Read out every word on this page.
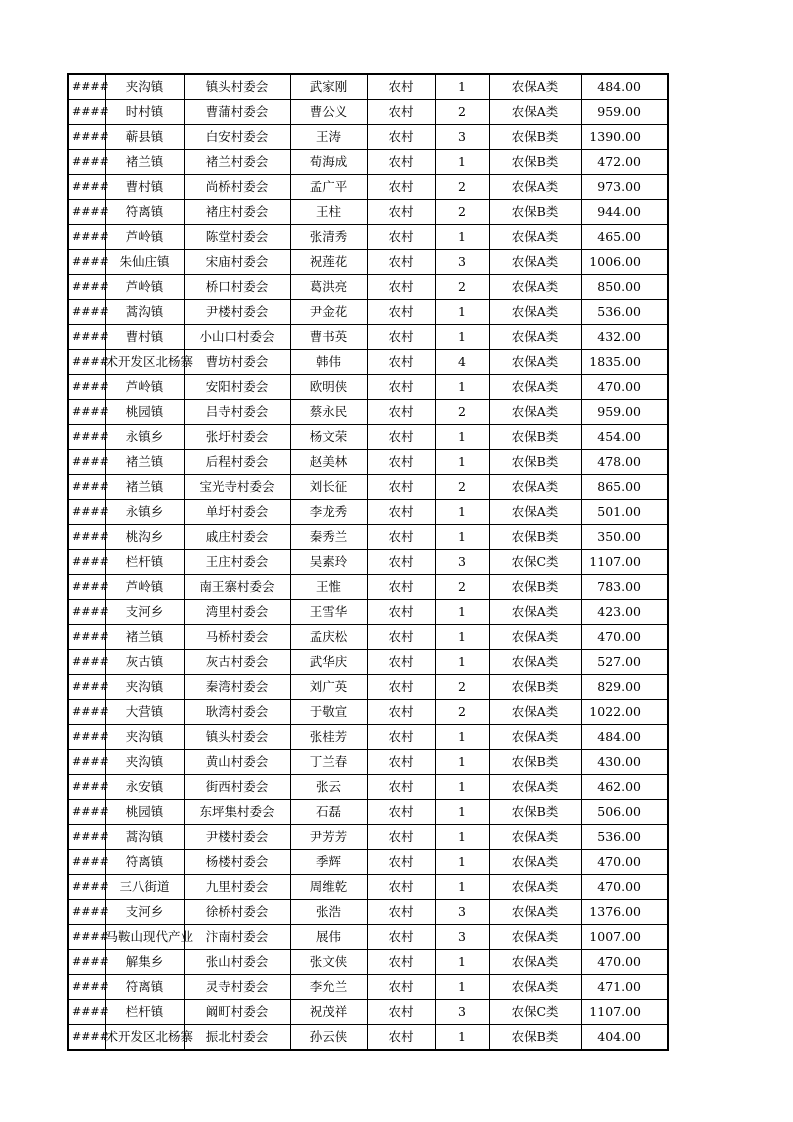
####	夹沟镇	镇头村委会	武家刚	农村	1	农保A类	484.00
####	时村镇	曹蒲村委会	曹公义	农村	2	农保A类	959.00
####	蕲县镇	白安村委会	王涛	农村	3	农保B类	1390.00
####	褚兰镇	褚兰村委会	荀海成	农村	1	农保B类	472.00
####	曹村镇	尚桥村委会	孟广平	农村	2	农保A类	973.00
####	符离镇	褚庄村委会	王柱	农村	2	农保B类	944.00
####	芦岭镇	陈堂村委会	张清秀	农村	1	农保A类	465.00
####	朱仙庄镇	宋庙村委会	祝莲花	农村	3	农保A类	1006.00
####	芦岭镇	桥口村委会	葛洪亮	农村	2	农保A类	850.00
####	蒿沟镇	尹楼村委会	尹金花	农村	1	农保A类	536.00
####	曹村镇	小山口村委会	曹书英	农村	1	农保A类	432.00
####	术开发区北杨寨	曹坊村委会	韩伟	农村	4	农保A类	1835.00
####	芦岭镇	安阳村委会	欧明侠	农村	1	农保A类	470.00
####	桃园镇	吕寺村委会	蔡永民	农村	2	农保A类	959.00
####	永镇乡	张圩村委会	杨文荣	农村	1	农保B类	454.00
####	褚兰镇	后程村委会	赵美林	农村	1	农保B类	478.00
####	褚兰镇	宝光寺村委会	刘长征	农村	2	农保A类	865.00
####	永镇乡	单圩村委会	李龙秀	农村	1	农保A类	501.00
####	桃沟乡	戚庄村委会	秦秀兰	农村	1	农保B类	350.00
####	栏杆镇	王庄村委会	吴素玲	农村	3	农保C类	1107.00
####	芦岭镇	南王寨村委会	王惟	农村	2	农保B类	783.00
####	支河乡	湾里村委会	王雪华	农村	1	农保A类	423.00
####	褚兰镇	马桥村委会	孟庆松	农村	1	农保A类	470.00
####	灰古镇	灰古村委会	武华庆	农村	1	农保A类	527.00
####	夹沟镇	秦湾村委会	刘广英	农村	2	农保B类	829.00
####	大营镇	耿湾村委会	于敬宣	农村	2	农保A类	1022.00
####	夹沟镇	镇头村委会	张桂芳	农村	1	农保A类	484.00
####	夹沟镇	黄山村委会	丁兰春	农村	1	农保B类	430.00
####	永安镇	街西村委会	张云	农村	1	农保A类	462.00
####	桃园镇	东坪集村委会	石磊	农村	1	农保B类	506.00
####	蒿沟镇	尹楼村委会	尹芳芳	农村	1	农保A类	536.00
####	符离镇	杨楼村委会	季辉	农村	1	农保A类	470.00
####	三八街道	九里村委会	周维乾	农村	1	农保A类	470.00
####	支河乡	徐桥村委会	张浩	农村	3	农保A类	1376.00
####	马鞍山现代产业	汴南村委会	展伟	农村	3	农保A类	1007.00
####	解集乡	张山村委会	张文侠	农村	1	农保A类	470.00
####	符离镇	灵寺村委会	李允兰	农村	1	农保A类	471.00
####	栏杆镇	阚町村委会	祝茂祥	农村	3	农保C类	1107.00
####	术开发区北杨寨	振北村委会	孙云侠	农村	1	农保B类	404.00
